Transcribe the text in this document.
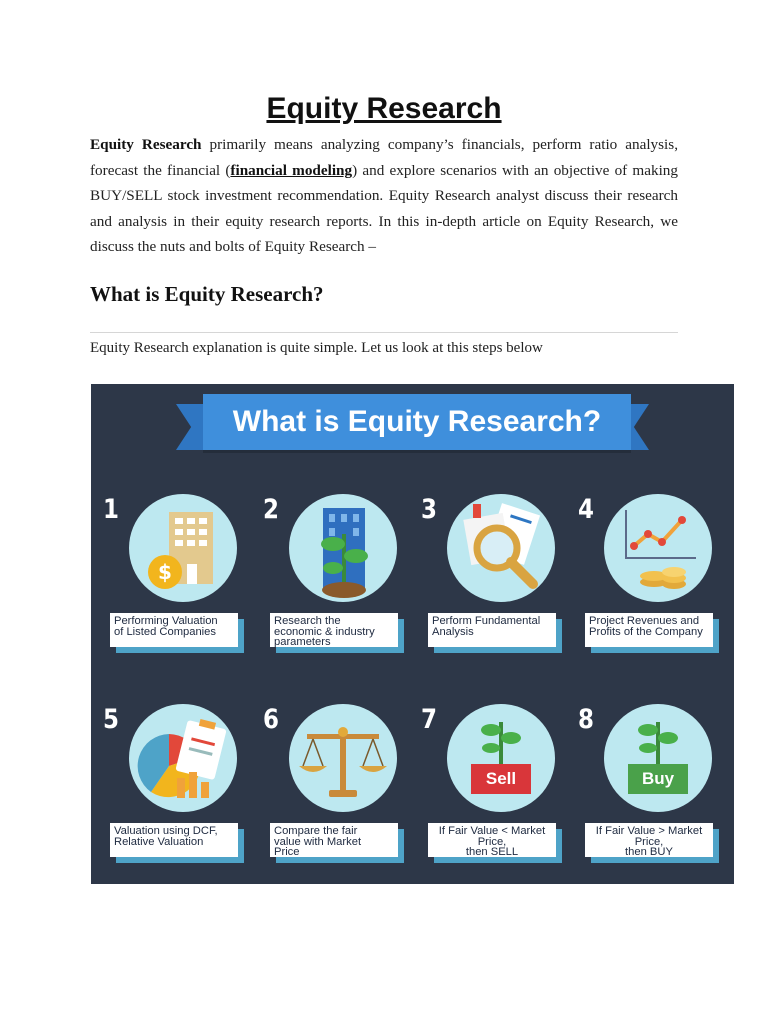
Equity Research

Equity Research primarily means analyzing company’s financials, perform ratio analysis, forecast the financial (financial modeling) and explore scenarios with an objective of making BUY/SELL stock investment recommendation. Equity Research analyst discuss their research and analysis in their equity research reports. In this in-depth article on Equity Research, we discuss the nuts and bolts of Equity Research –

What is Equity Research?

Equity Research explanation is quite simple. Let us look at this steps below

What is Equity Research?
1
$
Performing Valuation
of Listed Companies
2
Research the
economic & industry
parameters
3
Perform Fundamental
Analysis
4
Project Revenues and
Profits of the Company
5
Valuation using DCF,
Relative Valuation
6
Compare the fair
value with Market
Price
7
Sell
If Fair Value < Market
Price,
then SELL
8
Buy
If Fair Value > Market
Price,
then BUY
